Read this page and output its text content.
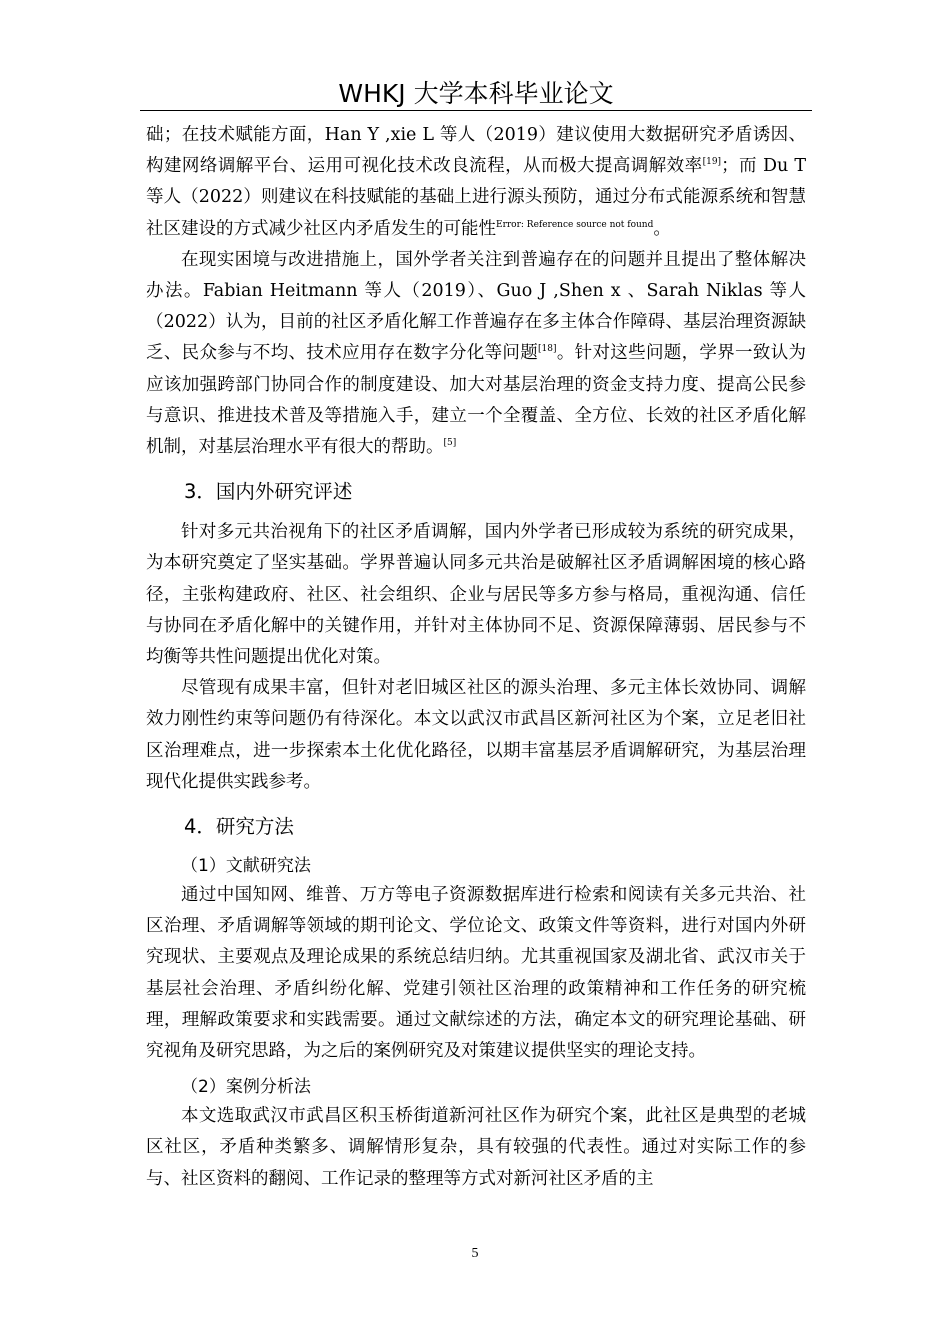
WHKJ 大学本科毕业论文

础；在技术赋能方面，Han Y ,xie L 等人（2019）建议使用大数据研究矛盾诱因、构建网络调解平台、运用可视化技术改良流程，从而极大提高调解效率[19]；而 Du T 等人（2022）则建议在科技赋能的基础上进行源头预防，通过分布式能源系统和智慧社区建设的方式减少社区内矛盾发生的可能性$^{Error: Reference source not found}$。

在现实困境与改进措施上，国外学者关注到普遍存在的问题并且提出了整体解决办法。Fabian Heitmann 等人（2019）、Guo J ,Shen x 、Sarah Niklas 等人（2022）认为，目前的社区矛盾化解工作普遍存在多主体合作障碍、基层治理资源缺乏、民众参与不均、技术应用存在数字分化等问题[18]。针对这些问题，学界一致认为应该加强跨部门协同合作的制度建设、加大对基层治理的资金支持力度、提高公民参与意识、推进技术普及等措施入手，建立一个全覆盖、全方位、长效的社区矛盾化解机制，对基层治理水平有很大的帮助。[5]

3．国内外研究评述

针对多元共治视角下的社区矛盾调解，国内外学者已形成较为系统的研究成果，为本研究奠定了坚实基础。学界普遍认同多元共治是破解社区矛盾调解困境的核心路径，主张构建政府、社区、社会组织、企业与居民等多方参与格局，重视沟通、信任与协同在矛盾化解中的关键作用，并针对主体协同不足、资源保障薄弱、居民参与不均衡等共性问题提出优化对策。

尽管现有成果丰富，但针对老旧城区社区的源头治理、多元主体长效协同、调解效力刚性约束等问题仍有待深化。本文以武汉市武昌区新河社区为个案，立足老旧社区治理难点，进一步探索本土化优化路径，以期丰富基层矛盾调解研究，为基层治理现代化提供实践参考。

4．研究方法
（1）文献研究法

通过中国知网、维普、万方等电子资源数据库进行检索和阅读有关多元共治、社区治理、矛盾调解等领域的期刊论文、学位论文、政策文件等资料，进行对国内外研究现状、主要观点及理论成果的系统总结归纳。尤其重视国家及湖北省、武汉市关于基层社会治理、矛盾纠纷化解、党建引领社区治理的政策精神和工作任务的研究梳理，理解政策要求和实践需要。通过文献综述的方法，确定本文的研究理论基础、研究视角及研究思路，为之后的案例研究及对策建议提供坚实的理论支持。

（2）案例分析法

本文选取武汉市武昌区积玉桥街道新河社区作为研究个案，此社区是典型的老城区社区，矛盾种类繁多、调解情形复杂，具有较强的代表性。通过对实际工作的参与、社区资料的翻阅、工作记录的整理等方式对新河社区矛盾的主

5
